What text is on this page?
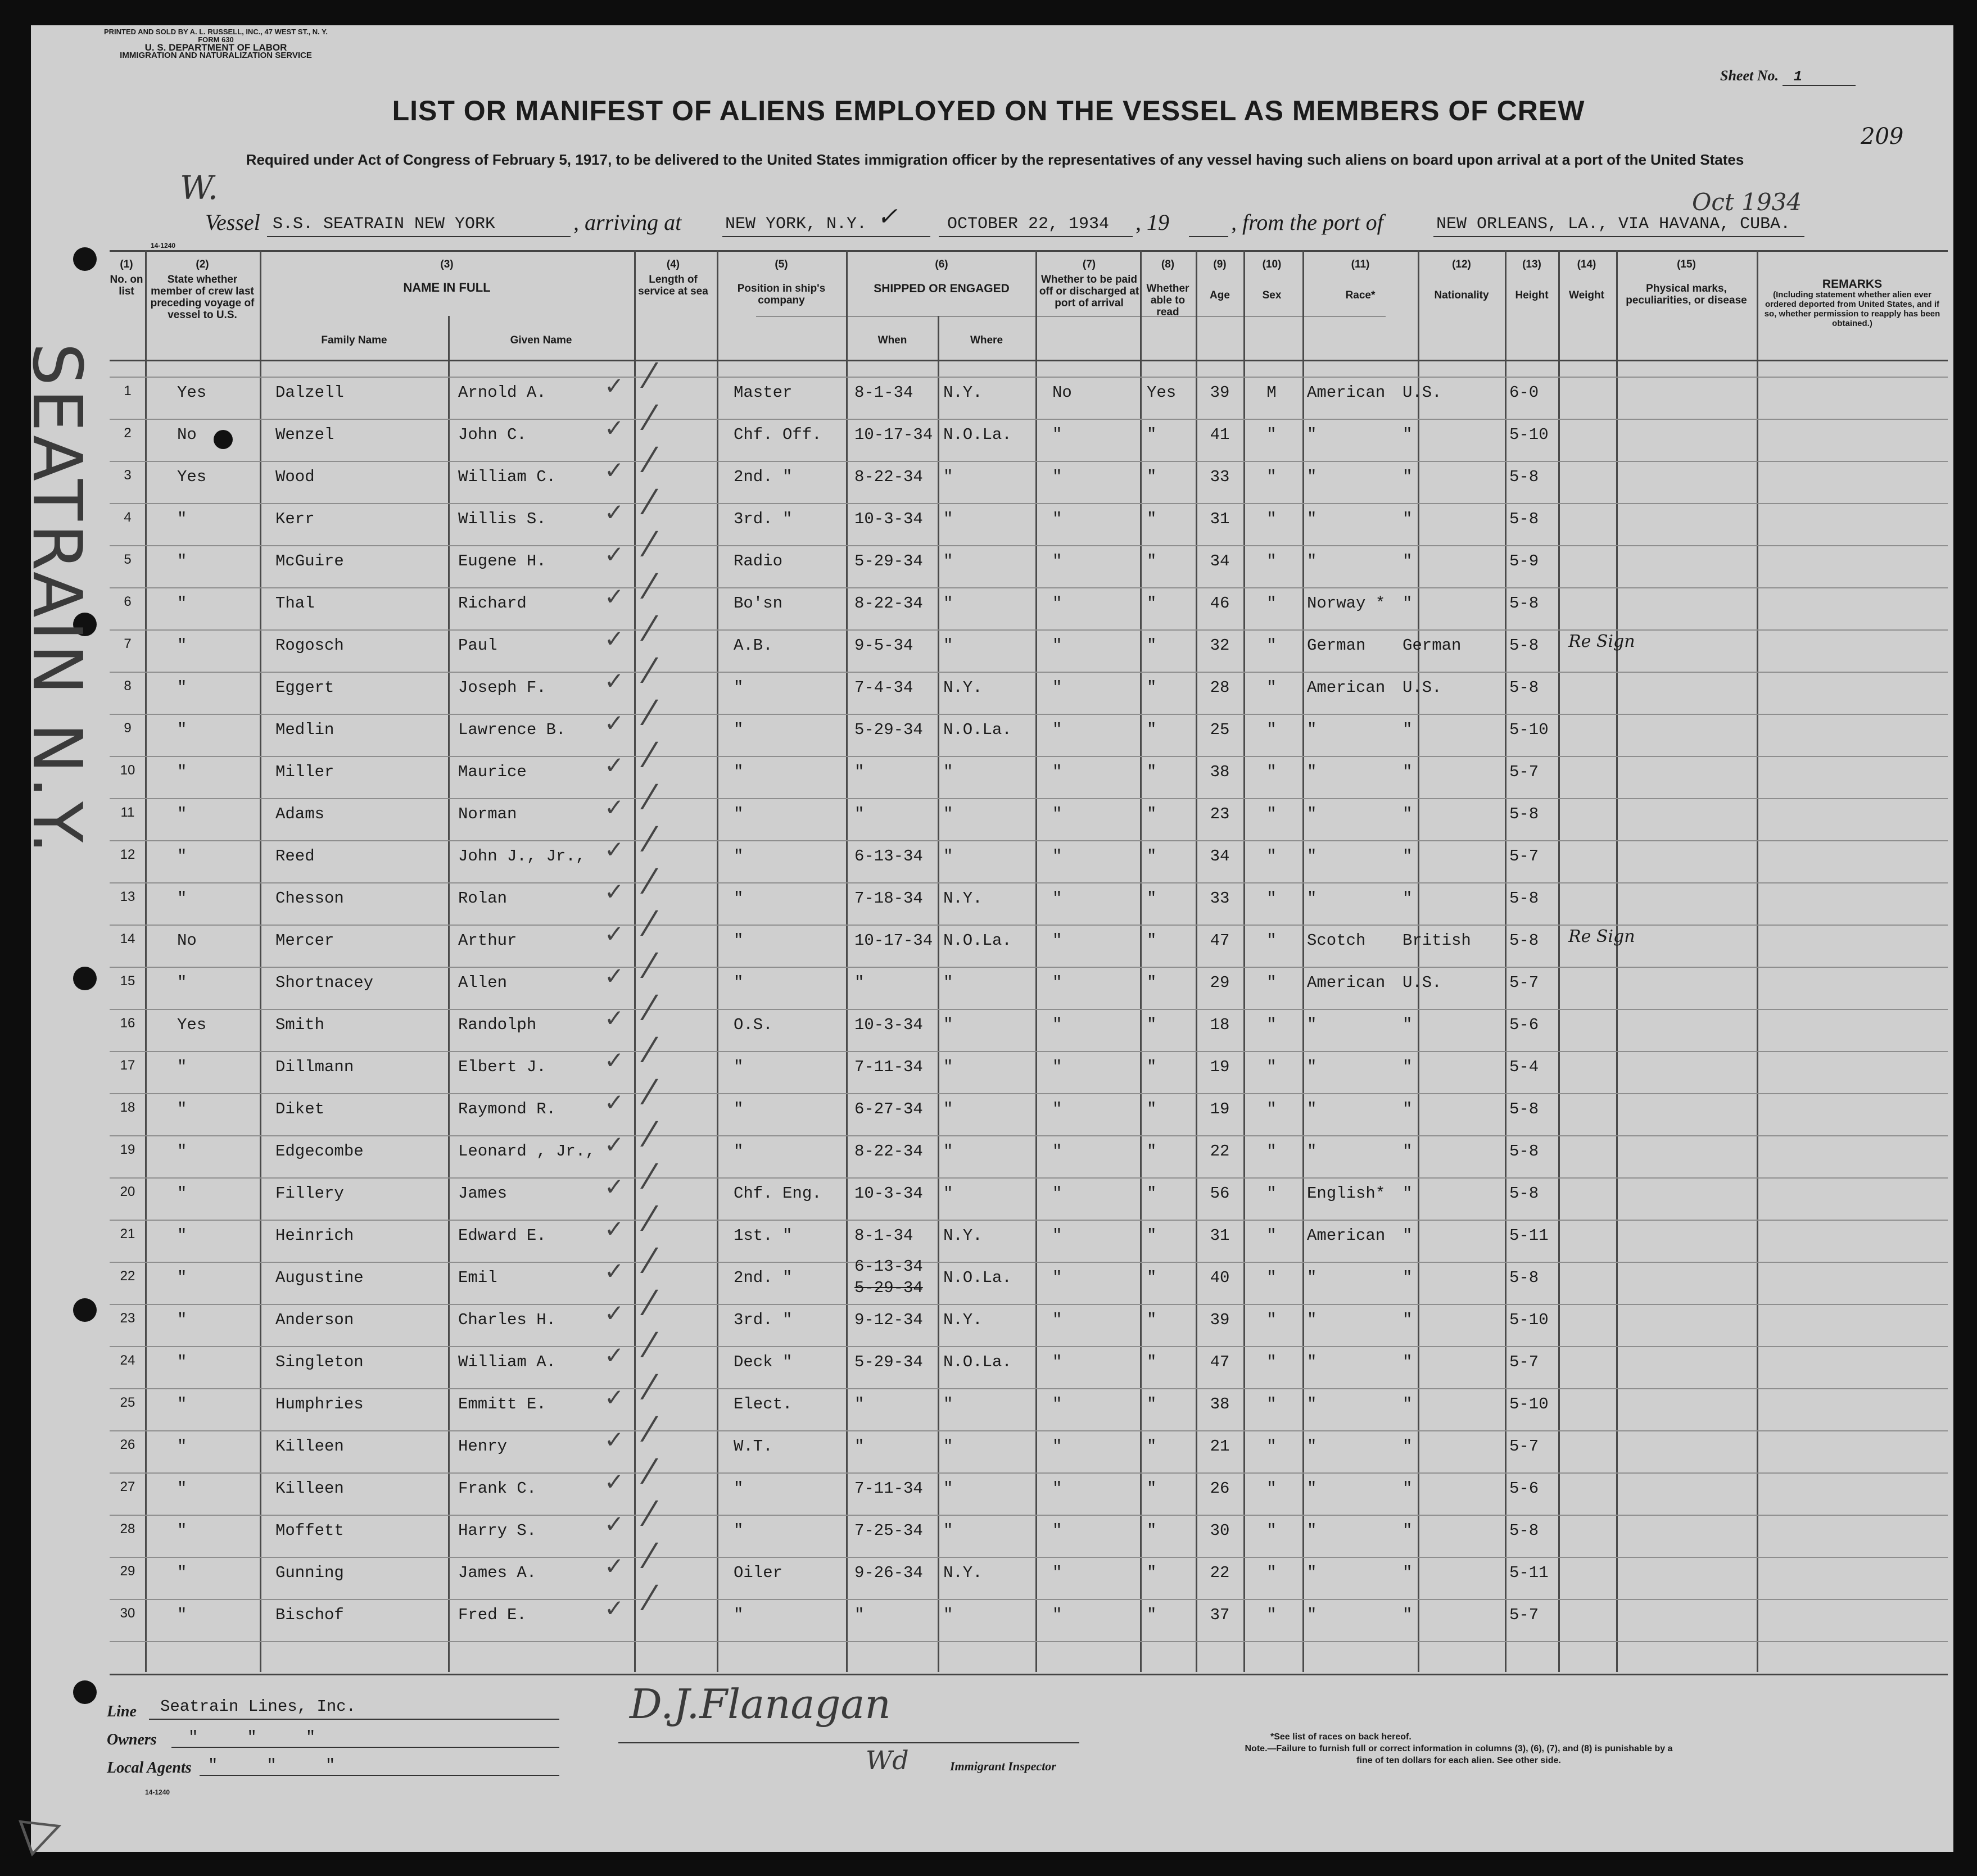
SEATRAIN N.Y.
PRINTED AND SOLD BY A. L. RUSSELL, INC., 47 WEST ST., N. Y.
FORM 630
U. S. DEPARTMENT OF LABOR
IMMIGRATION AND NATURALIZATION SERVICE
Sheet No. 1
209
LIST OR MANIFEST OF ALIENS EMPLOYED ON THE VESSEL AS MEMBERS OF CREW
Required under Act of Congress of February 5, 1917, to be delivered to the United States immigration officer by the representatives of any vessel having such aliens on board upon arrival at a port of the United States
W.	Oct 1934
Vessel S.S. SEATRAIN NEW YORK	, arriving at	NEW YORK, N.Y. ✓	OCTOBER 22, 1934 , 19	, from the port of	NEW ORLEANS, LA., VIA HAVANA, CUBA.
14-1240
(1)
No. on list
(2)
State whether member of crew last preceding voyage of vessel to U.S.
(3)
NAME IN FULL
Family Name	Given Name
(4)
Length of service at sea
(5)
Position in ship's company
(6)
SHIPPED OR ENGAGED
When	Where
(7)
Whether to be paid off or discharged at port of arrival
(8)
Whether able to read
(9)
Age
(10)
Sex
(11)
Race*
(12)
Nationality
(13)
Height
(14)
Weight
(15)
Physical marks, peculiarities, or disease
REMARKS
(Including statement whether alien ever ordered deported from United States, and if so, whether permission to reapply has been obtained.)
1	Yes	Dalzell	Arnold A.	Master	8-1-34 N.Y.	No	Yes 39 M American U.S.	6-0
✓ ⁄
2	No	Wenzel	John C.	Chf. Off. 10-17-34 N.O.La. "	"	41 " "	"	5-10
✓ ⁄
3	Yes	Wood	William C.	2nd. "	8-22-34 "	"	"	33 " "	"	5-8
✓ ⁄
4	"	Kerr	Willis S.	3rd. "	10-3-34 "	"	"	31 " "	"	5-8
✓ ⁄
5	"	McGuire	Eugene H.	Radio	5-29-34 "	"	"	34 " "	"	5-9
✓ ⁄
6	"	Thal	Richard	Bo'sn	8-22-34 "	"	"	46 " Norway * "	5-8
✓ ⁄
7	"	Rogosch	Paul	A.B.	9-5-34 "	"	"	32 " German German	5-8
✓ ⁄	Re Sign
8	"	Eggert	Joseph F.	"	7-4-34 N.Y.	"	"	28 " American U.S.	5-8
✓ ⁄
9	"	Medlin	Lawrence B.	"	5-29-34 N.O.La. "	"	25 " "	"	5-10
✓ ⁄
10	"	Miller	Maurice	"	"	"	"	"	38 " "	"	5-7
✓ ⁄
11	"	Adams	Norman	"	"	"	"	"	23 " "	"	5-8
✓ ⁄
12	"	Reed	John J., Jr.,	"	6-13-34 "	"	"	34 " "	"	5-7
✓ ⁄
13	"	Chesson	Rolan	"	7-18-34 N.Y.	"	"	33 " "	"	5-8
✓ ⁄
14	No	Mercer	Arthur	"	10-17-34 N.O.La. "	"	47 " Scotch British 5-8
✓ ⁄	Re Sign
15	"	Shortnacey	Allen	"	"	"	"	"	29 " American U.S.	5-7
✓ ⁄
16	Yes	Smith	Randolph	O.S.	10-3-34 "	"	"	18 " "	"	5-6
✓ ⁄
17	"	Dillmann	Elbert J.	"	7-11-34 "	"	"	19 " "	"	5-4
✓ ⁄
18	"	Diket	Raymond R.	"	6-27-34 "	"	"	19 " "	"	5-8
✓ ⁄
19	"	Edgecombe	Leonard , Jr.,	"	8-22-34 "	"	"	22 " "	"	5-8
✓ ⁄
20	"	Fillery	James	Chf. Eng. 10-3-34 "	"	"	56 " English* "	5-8
✓ ⁄
21	"	Heinrich	Edward E.	1st. "	8-1-34 N.Y.	"	"	31 " American "	5-11
✓ ⁄
22	"	Augustine	Emil	2nd. "
6-13-34
N.O.La. "	"	40 " "	"	5-8
5-29-34
✓ ⁄
23	"	Anderson	Charles H.	3rd. "	9-12-34 N.Y.	"	"	39 " "	"	5-10
✓ ⁄
24	"	Singleton	William A.	Deck "	5-29-34 N.O.La. "	"	47 " "	"	5-7
✓ ⁄
25	"	Humphries	Emmitt E.	Elect.	"	"	"	"	38 " "	"	5-10
✓ ⁄
26	"	Killeen	Henry	W.T.	"	"	"	"	21 " "	"	5-7
✓ ⁄
27	"	Killeen	Frank C.	"	7-11-34 "	"	"	26 " "	"	5-6
✓ ⁄
28	"	Moffett	Harry S.	"	7-25-34 "	"	"	30 " "	"	5-8
✓ ⁄
29	"	Gunning	James A.	Oiler	9-26-34 N.Y.	"	"	22 " "	"	5-11
✓ ⁄
30	"	Bischof	Fred E.	"	"	"	"	"	37 " "	"	5-7
✓ ⁄
Line Seatrain Lines, Inc.
Owners "     "     "
Local Agents "     "     "
14-1240
D.J.Flanagan
Wd	Immigrant Inspector
*See list of races on back hereof.
Note.—Failure to furnish full or correct information in columns (3), (6), (7), and (8) is punishable by a fine of ten dollars for each alien. See other side.
▷
